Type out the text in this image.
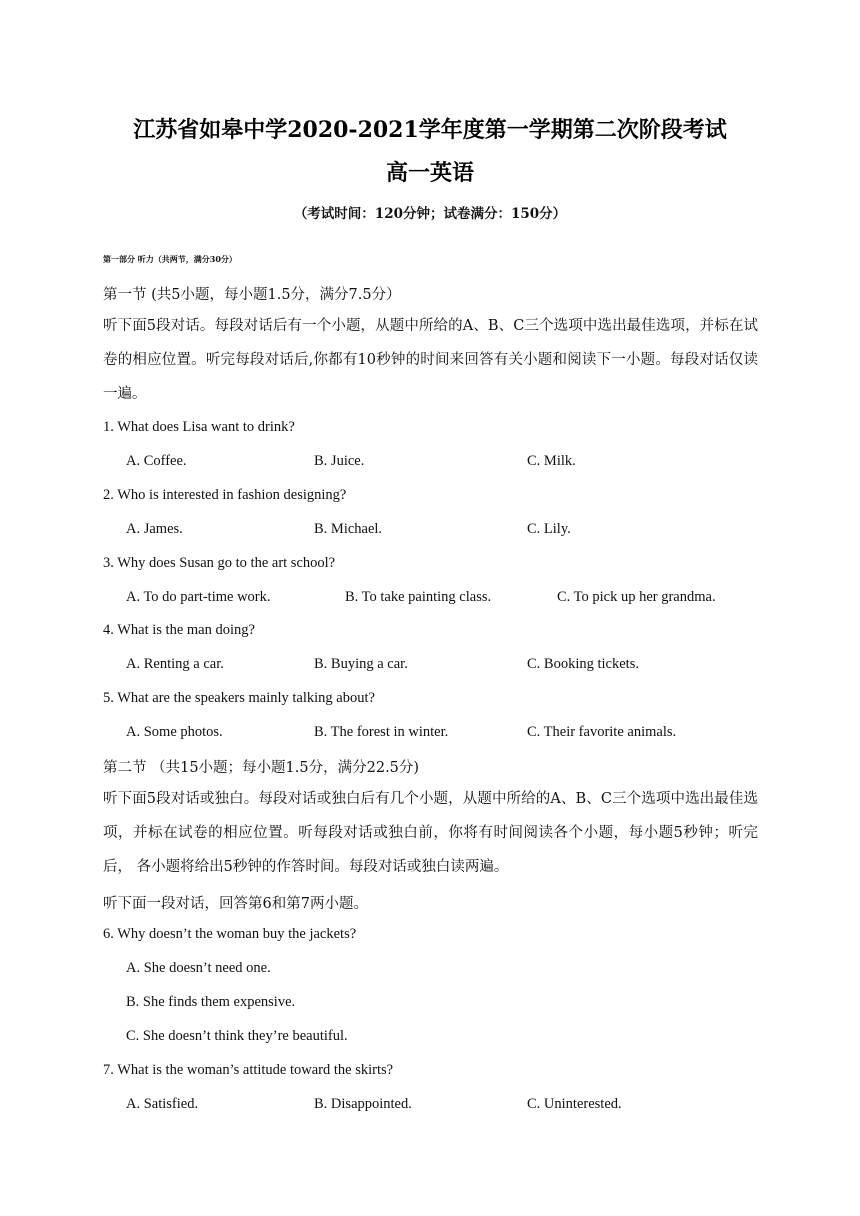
江苏省如皋中学2020-2021学年度第一学期第二次阶段考试
高一英语
（考试时间：120分钟；试卷满分：150分）
第一部分 听力（共两节，满分30分）
第一节 (共5小题，每小题1.5分，满分7.5分）

听下面5段对话。每段对话后有一个小题，从题中所给的A、B、C三个选项中选出最佳选项，并标在试卷的相应位置。听完每段对话后,你都有10秒钟的时间来回答有关小题和阅读下一小题。每段对话仅读一遍。

1. What does Lisa want to drink?
A. Coffee.	B. Juice.	C. Milk.
2. Who is interested in fashion designing?
A. James.	B. Michael.	C. Lily.
3. Why does Susan go to the art school?
A. To do part-time work.	B. To take painting class.	C. To pick up her grandma.
4. What is the man doing?
A. Renting a car.	B. Buying a car.	C. Booking tickets.
5. What are the speakers mainly talking about?
A. Some photos.	B. The forest in winter.	C. Their favorite animals.
第二节 （共15小题；每小题1.5分，满分22.5分)

听下面5段对话或独白。每段对话或独白后有几个小题，从题中所给的A、B、C三个选项中选出最佳选项，并标在试卷的相应位置。听每段对话或独白前，你将有时间阅读各个小题，每小题5秒钟；听完后， 各小题将给出5秒钟的作答时间。每段对话或独白读两遍。

听下面一段对话，回答第6和第7两小题。
6. Why doesn’t the woman buy the jackets?
A. She doesn’t need one.
B. She finds them expensive.
C. She doesn’t think they’re beautiful.
7. What is the woman’s attitude toward the skirts?
A. Satisfied.	B. Disappointed.	C. Uninterested.
